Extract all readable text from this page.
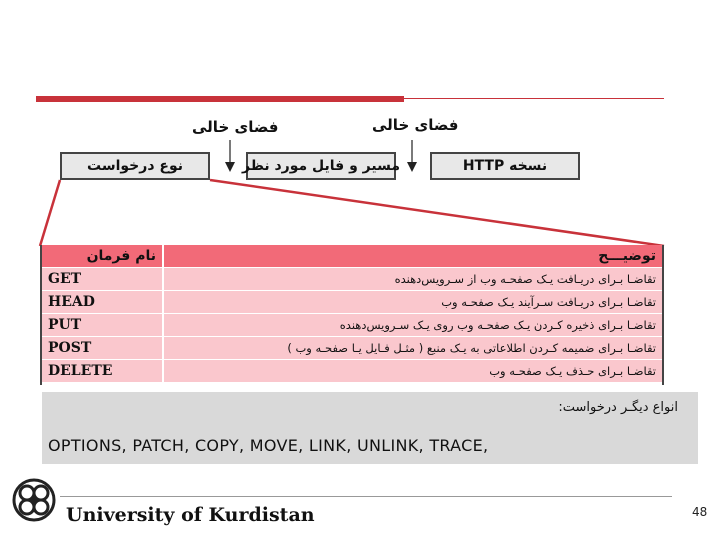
فضای خالی	فضای خالی
نوع درخواست	مسیر و فایل مورد نظر	نسخه HTTP
نام فرمان	توضیـــح
GET	تقاضـا بـرای دریـافت یـک صفحـه وب از سـرویس‌دهنده
HEAD	تقاضـا بـرای دریـافت سـرآیند یـک صفحـه وب
PUT	تقاضـا بـرای ذخیره کـردن یـک صفحـه وب روی یـک سـرویس‌دهنده
POST	تقاضـا بـرای ضمیمه کـردن اطلاعاتی به یـک منبع ( مثـل فـایل یـا صفحـه وب )
DELETE	تقاضـا بـرای حـذف یـک صفحـه وب
انواع دیگـر درخواست:
OPTIONS, PATCH, COPY, MOVE, LINK, UNLINK, TRACE,
University of Kurdistan	48
